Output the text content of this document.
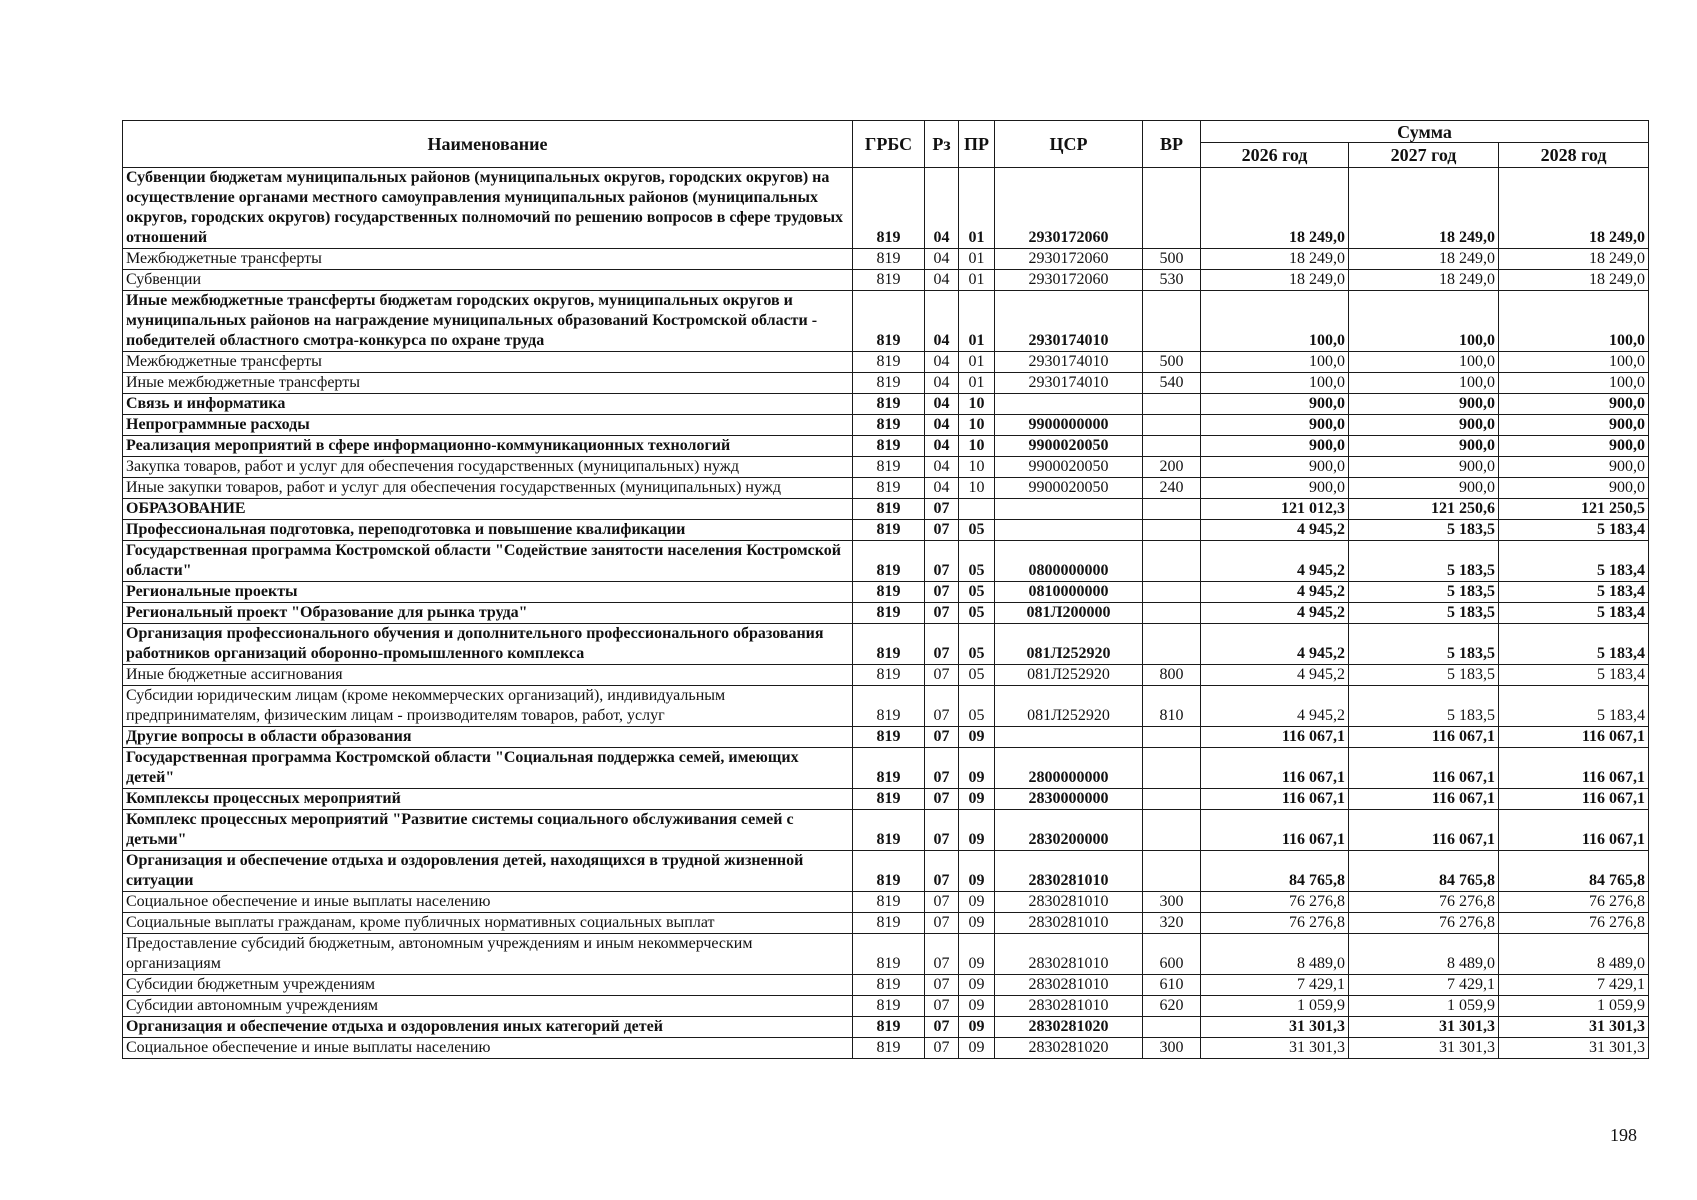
Наименование	ГРБС	Рз	ПР	ЦСР	ВР	Сумма		
						2026 год	2027 год	2028 год
Субвенции бюджетам муниципальных районов (муниципальных округов, городских округов) на осуществление органами местного самоуправления муниципальных районов (муниципальных округов, городских округов) государственных полномочий по решению вопросов в сфере трудовых отношений	819	04	01	2930172060		18 249,0	18 249,0	18 249,0
Межбюджетные трансферты	819	04	01	2930172060	500	18 249,0	18 249,0	18 249,0
Субвенции	819	04	01	2930172060	530	18 249,0	18 249,0	18 249,0
Иные межбюджетные трансферты бюджетам городских округов, муниципальных округов и муниципальных районов на награждение муниципальных образований Костромской области - победителей областного смотра-конкурса по охране труда	819	04	01	2930174010		100,0	100,0	100,0
Межбюджетные трансферты	819	04	01	2930174010	500	100,0	100,0	100,0
Иные межбюджетные трансферты	819	04	01	2930174010	540	100,0	100,0	100,0
Связь и информатика	819	04	10			900,0	900,0	900,0
Непрограммные расходы	819	04	10	9900000000		900,0	900,0	900,0
Реализация мероприятий в сфере информационно-коммуникационных технологий	819	04	10	9900020050		900,0	900,0	900,0
Закупка товаров, работ и услуг для обеспечения государственных (муниципальных) нужд	819	04	10	9900020050	200	900,0	900,0	900,0
Иные закупки товаров, работ и услуг для обеспечения государственных (муниципальных) нужд	819	04	10	9900020050	240	900,0	900,0	900,0
ОБРАЗОВАНИЕ	819	07				121 012,3	121 250,6	121 250,5
Профессиональная подготовка, переподготовка и повышение квалификации	819	07	05			4 945,2	5 183,5	5 183,4
Государственная программа Костромской области "Содействие занятости населения Костромской области"	819	07	05	0800000000		4 945,2	5 183,5	5 183,4
Региональные проекты	819	07	05	0810000000		4 945,2	5 183,5	5 183,4
Региональный проект "Образование для рынка труда"	819	07	05	081Л200000		4 945,2	5 183,5	5 183,4
Организация профессионального обучения и дополнительного профессионального образования работников организаций оборонно-промышленного комплекса	819	07	05	081Л252920		4 945,2	5 183,5	5 183,4
Иные бюджетные ассигнования	819	07	05	081Л252920	800	4 945,2	5 183,5	5 183,4
Субсидии юридическим лицам (кроме некоммерческих организаций), индивидуальным предпринимателям, физическим лицам - производителям товаров, работ, услуг	819	07	05	081Л252920	810	4 945,2	5 183,5	5 183,4
Другие вопросы в области образования	819	07	09			116 067,1	116 067,1	116 067,1
Государственная программа Костромской области "Социальная поддержка семей, имеющих детей"	819	07	09	2800000000		116 067,1	116 067,1	116 067,1
Комплексы процессных мероприятий	819	07	09	2830000000		116 067,1	116 067,1	116 067,1
Комплекс процессных мероприятий "Развитие системы социального обслуживания семей с детьми"	819	07	09	2830200000		116 067,1	116 067,1	116 067,1
Организация и обеспечение отдыха и оздоровления детей, находящихся в трудной жизненной ситуации	819	07	09	2830281010		84 765,8	84 765,8	84 765,8
Социальное обеспечение и иные выплаты населению	819	07	09	2830281010	300	76 276,8	76 276,8	76 276,8
Социальные выплаты гражданам, кроме публичных нормативных социальных выплат	819	07	09	2830281010	320	76 276,8	76 276,8	76 276,8
Предоставление субсидий бюджетным, автономным учреждениям и иным некоммерческим организациям	819	07	09	2830281010	600	8 489,0	8 489,0	8 489,0
Субсидии бюджетным учреждениям	819	07	09	2830281010	610	7 429,1	7 429,1	7 429,1
Субсидии автономным учреждениям	819	07	09	2830281010	620	1 059,9	1 059,9	1 059,9
Организация и обеспечение отдыха и оздоровления иных категорий детей	819	07	09	2830281020		31 301,3	31 301,3	31 301,3
Социальное обеспечение и иные выплаты населению	819	07	09	2830281020	300	31 301,3	31 301,3	31 301,3
198
